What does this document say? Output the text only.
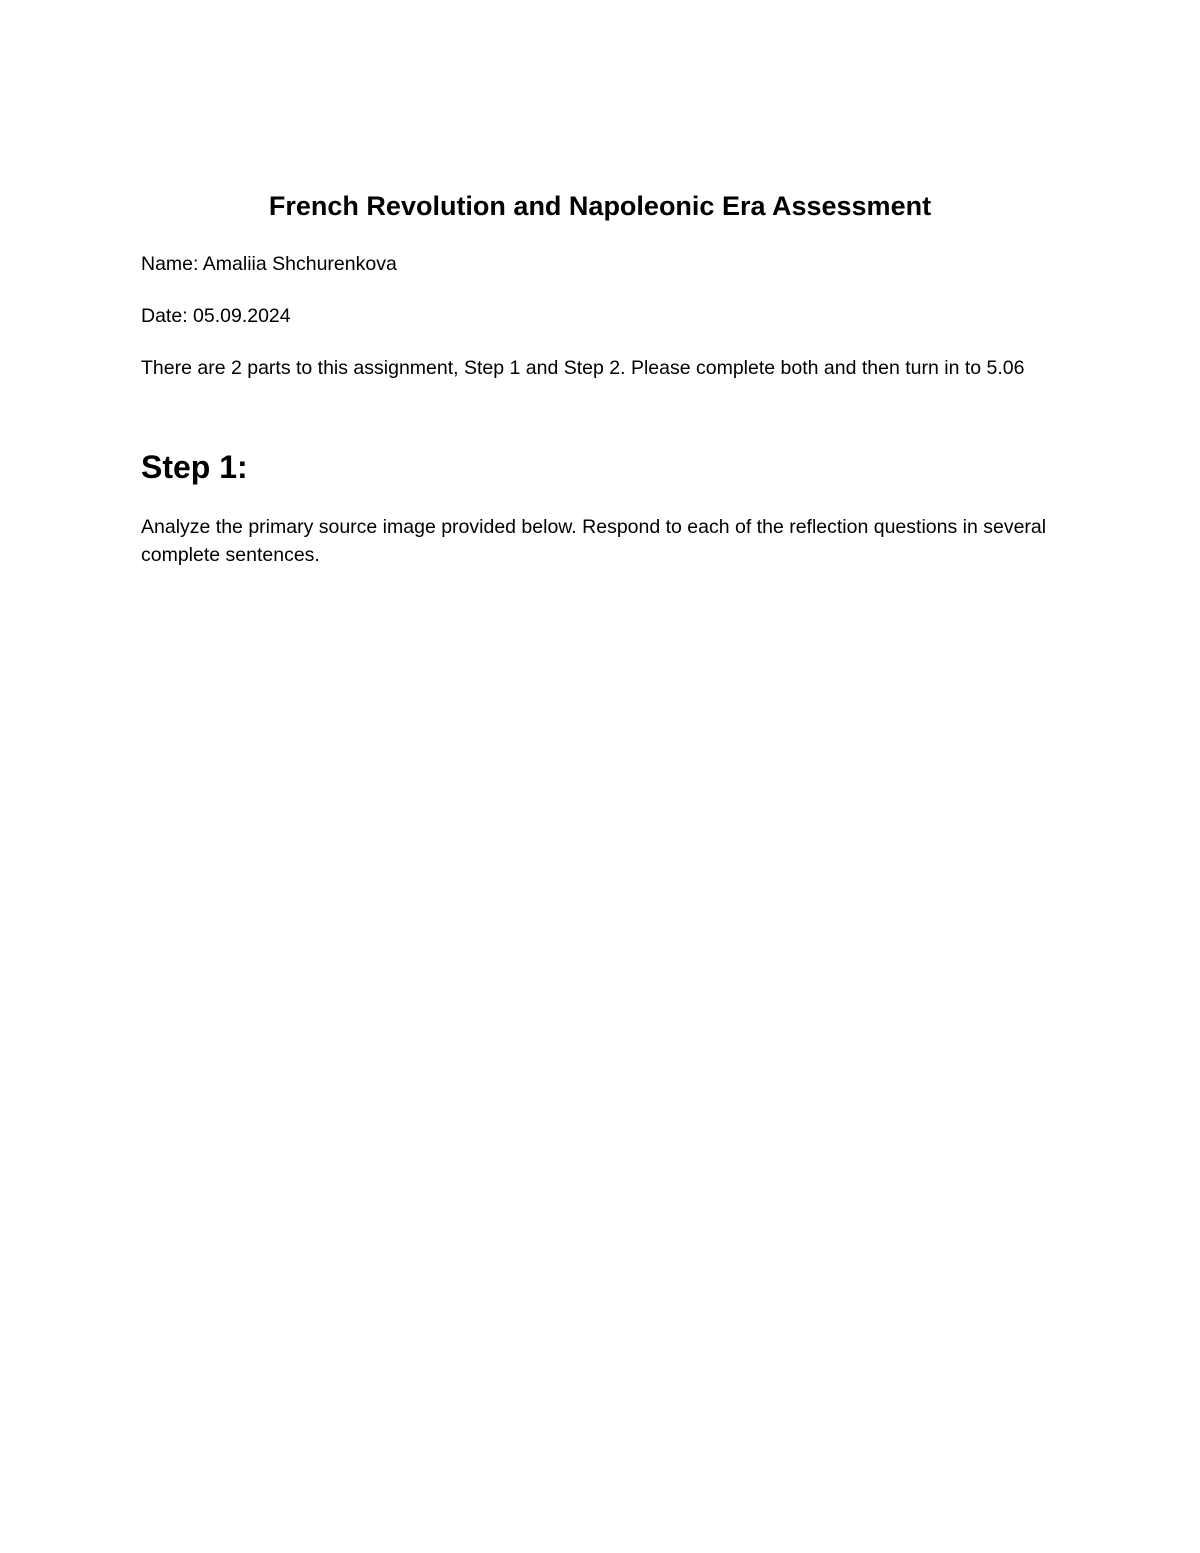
French Revolution and Napoleonic Era Assessment

Name: Amaliia Shchurenkova

Date: 05.09.2024

There are 2 parts to this assignment, Step 1 and Step 2. Please complete both and then turn in to 5.06

Step 1:

Analyze the primary source image provided below. Respond to each of the reflection questions in several complete sentences.
